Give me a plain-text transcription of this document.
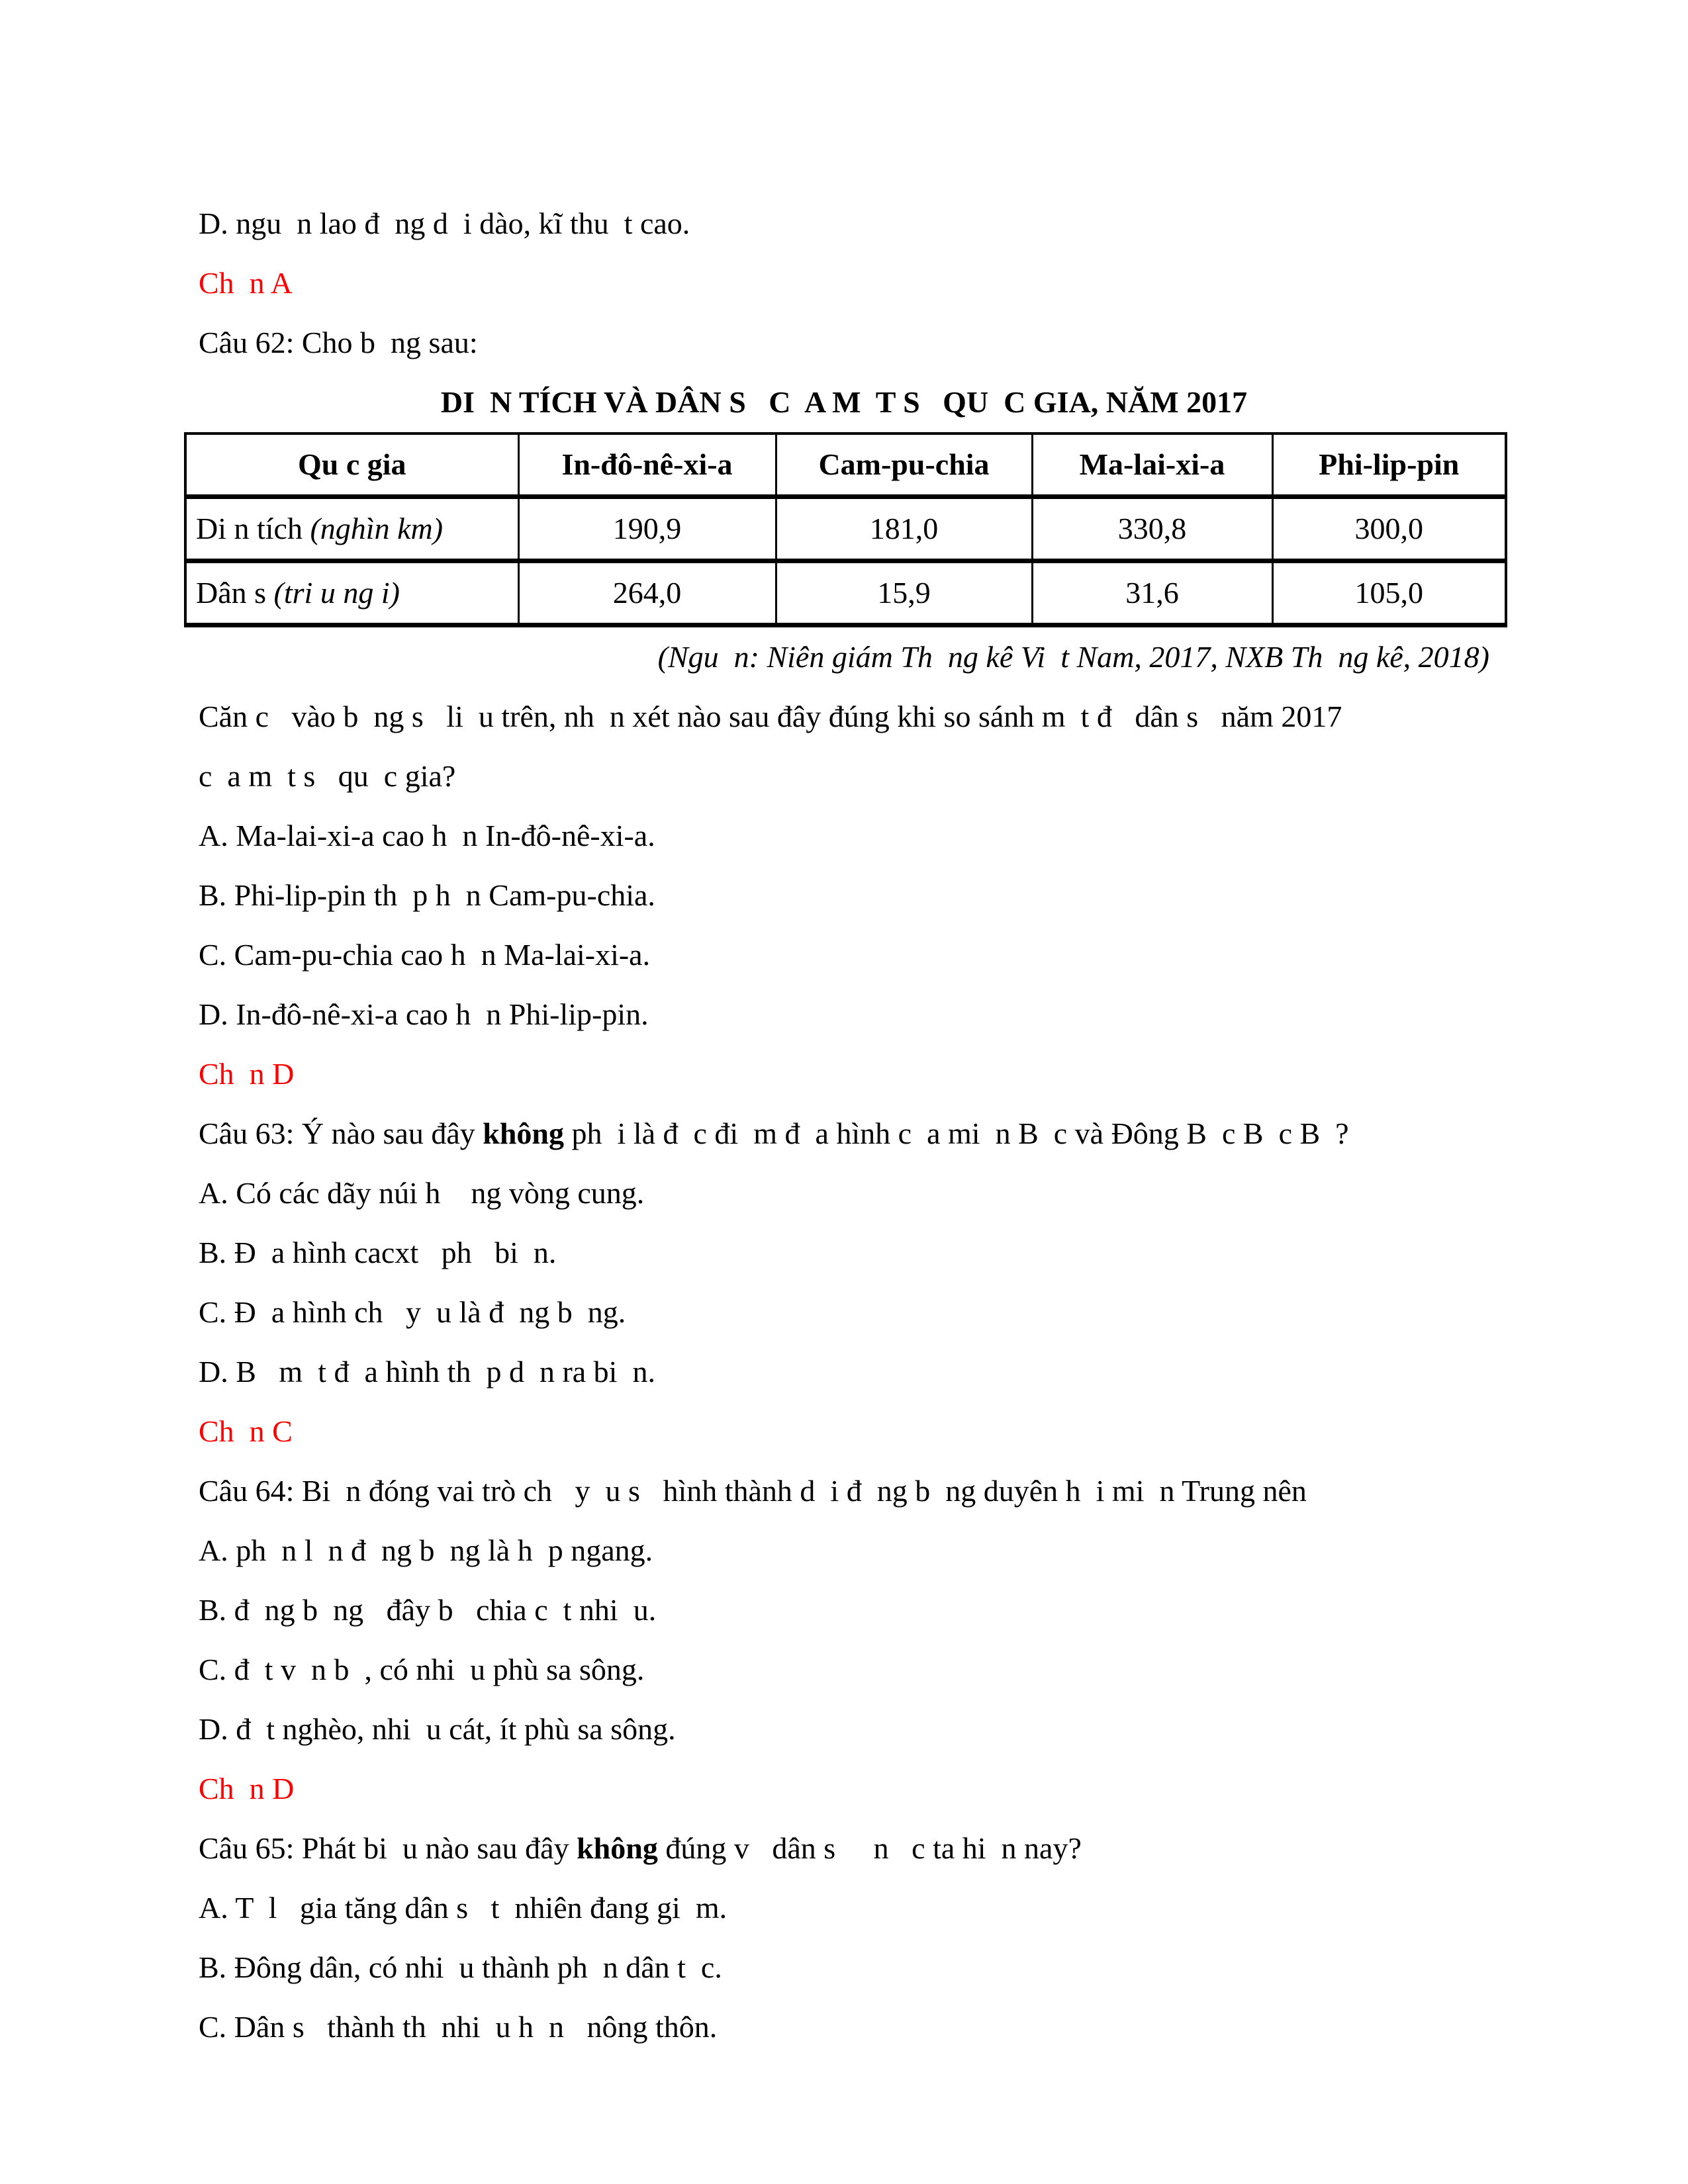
D. ngu  n lao đ  ng d  i dào, kĩ thu  t cao.

Ch  n A

Câu 62: Cho b  ng sau:

DI  N TÍCH VÀ DÂN S   C  A M  T S   QU  C GIA, NĂM 2017

Qu c gia	In-đô-nê-xi-a	Cam-pu-chia	Ma-lai-xi-a	Phi-lip-pin
Di n tích (nghìn km)	190,9	181,0	330,8	300,0
Dân s (tri u ng i)	264,0	15,9	31,6	105,0

(Ngu  n: Niên giám Th  ng kê Vi  t Nam, 2017, NXB Th  ng kê, 2018)

Căn c   vào b  ng s   li  u trên, nh  n xét nào sau đây đúng khi so sánh m  t đ   dân s   năm 2017

c  a m  t s   qu  c gia?

A. Ma-lai-xi-a cao h  n In-đô-nê-xi-a.

B. Phi-lip-pin th  p h  n Cam-pu-chia.

C. Cam-pu-chia cao h  n Ma-lai-xi-a.

D. In-đô-nê-xi-a cao h  n Phi-lip-pin.

Ch  n D

Câu 63: Ý nào sau đây không ph  i là đ  c đi  m đ  a hình c  a mi  n B  c và Đông B  c B  c B  ?

A. Có các dãy núi h    ng vòng cung.

B. Đ  a hình cacxt   ph   bi  n.

C. Đ  a hình ch   y  u là đ  ng b  ng.

D. B   m  t đ  a hình th  p d  n ra bi  n.

Ch  n C

Câu 64: Bi  n đóng vai trò ch   y  u s   hình thành d  i đ  ng b  ng duyên h  i mi  n Trung nên

A. ph  n l  n đ  ng b  ng là h  p ngang.

B. đ  ng b  ng   đây b   chia c  t nhi  u.

C. đ  t v  n b  , có nhi  u phù sa sông.

D. đ  t nghèo, nhi  u cát, ít phù sa sông.

Ch  n D

Câu 65: Phát bi  u nào sau đây không đúng v   dân s     n   c ta hi  n nay?

A. T  l   gia tăng dân s   t  nhiên đang gi  m.

B. Đông dân, có nhi  u thành ph  n dân t  c.

C. Dân s   thành th  nhi  u h  n   nông thôn.
